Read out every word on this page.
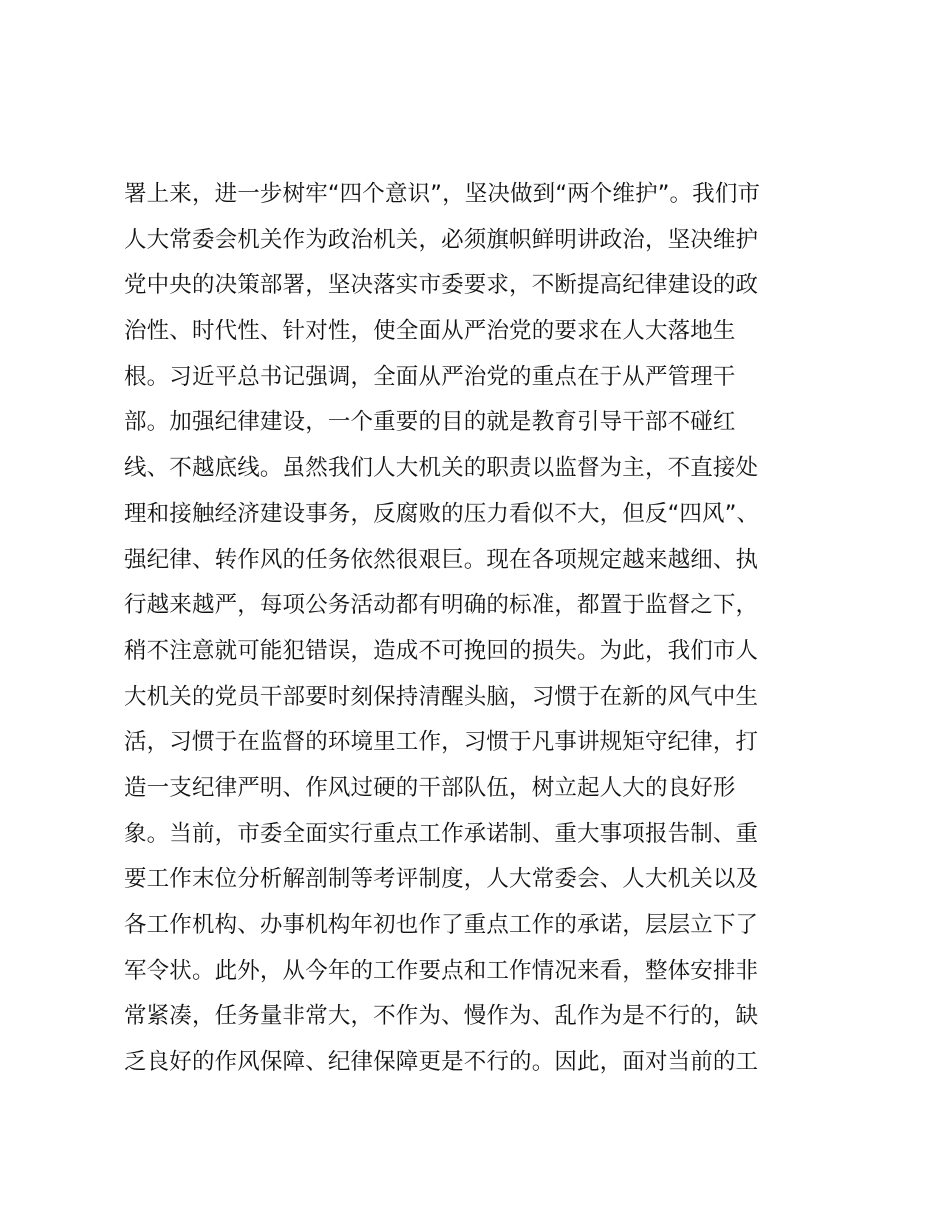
署上来，进一步树牢“四个意识”，坚决做到“两个维护”。我们市
人大常委会机关作为政治机关，必须旗帜鲜明讲政治，坚决维护
党中央的决策部署，坚决落实市委要求，不断提高纪律建设的政
治性、时代性、针对性，使全面从严治党的要求在人大落地生
根。习近平总书记强调，全面从严治党的重点在于从严管理干
部。加强纪律建设，一个重要的目的就是教育引导干部不碰红
线、不越底线。虽然我们人大机关的职责以监督为主，不直接处
理和接触经济建设事务，反腐败的压力看似不大，但反“四风”、
强纪律、转作风的任务依然很艰巨。现在各项规定越来越细、执
行越来越严，每项公务活动都有明确的标准，都置于监督之下，
稍不注意就可能犯错误，造成不可挽回的损失。为此，我们市人
大机关的党员干部要时刻保持清醒头脑，习惯于在新的风气中生
活，习惯于在监督的环境里工作，习惯于凡事讲规矩守纪律，打
造一支纪律严明、作风过硬的干部队伍，树立起人大的良好形
象。当前，市委全面实行重点工作承诺制、重大事项报告制、重
要工作末位分析解剖制等考评制度，人大常委会、人大机关以及
各工作机构、办事机构年初也作了重点工作的承诺，层层立下了
军令状。此外，从今年的工作要点和工作情况来看，整体安排非
常紧凑，任务量非常大，不作为、慢作为、乱作为是不行的，缺
乏良好的作风保障、纪律保障更是不行的。因此，面对当前的工
